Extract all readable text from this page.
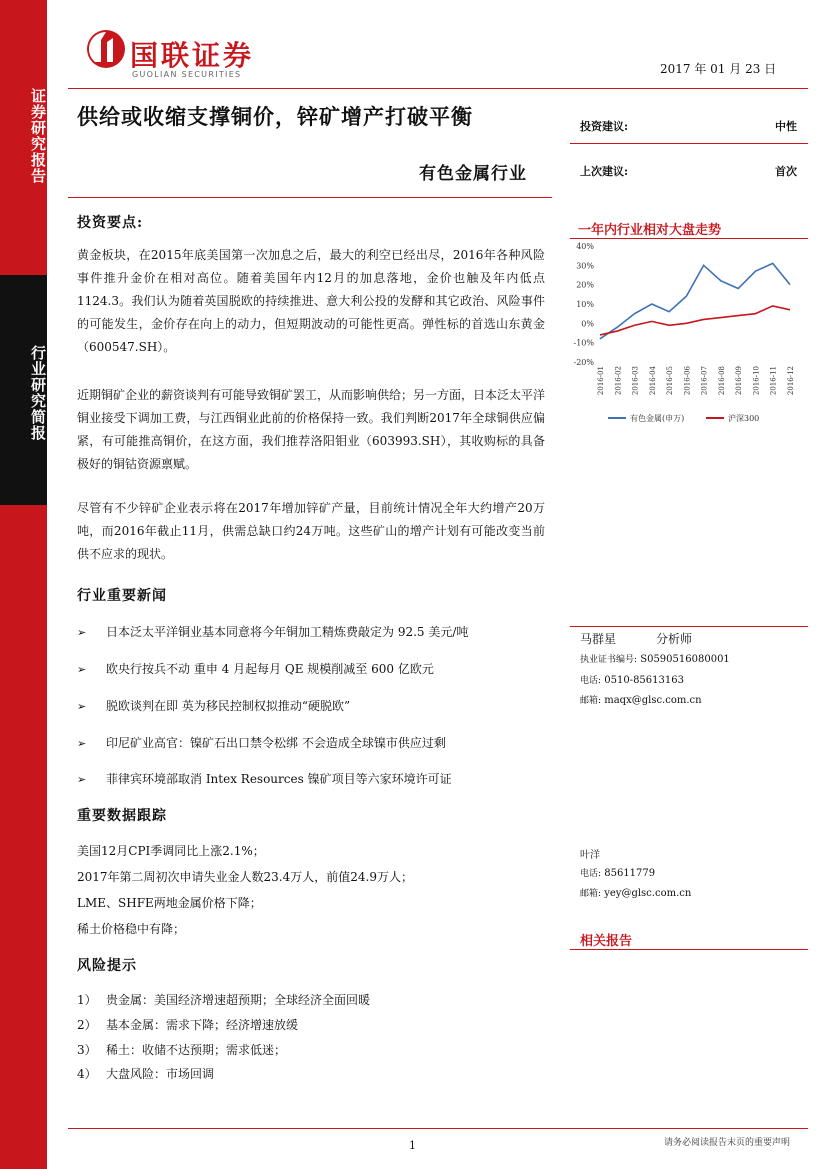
证券研究报告
行业研究简报
国联证券
GUOLIAN SECURITIES	2017 年 01 月 23 日
供给或收缩支撑铜价，锌矿增产打破平衡
有色金属行业
投资建议:	中性
上次建议:	首次
投资要点:

黄金板块，在2015年底美国第一次加息之后，最大的利空已经出尽，2016年各种风险事件推升金价在相对高位。随着美国年内12月的加息落地，金价也触及年内低点1124.3。我们认为随着英国脱欧的持续推进、意大利公投的发酵和其它政治、风险事件的可能发生，金价存在向上的动力，但短期波动的可能性更高。弹性标的首选山东黄金（600547.SH）。

近期铜矿企业的薪资谈判有可能导致铜矿罢工，从而影响供给；另一方面，日本泛太平洋铜业接受下调加工费，与江西铜业此前的价格保持一致。我们判断2017年全球铜供应偏紧，有可能推高铜价，在这方面，我们推荐洛阳钼业（603993.SH），其收购标的具备极好的铜钴资源禀赋。

尽管有不少锌矿企业表示将在2017年增加锌矿产量，目前统计情况全年大约增产20万吨，而2016年截止11月，供需总缺口约24万吨。这些矿山的增产计划有可能改变当前供不应求的现状。

行业重要新闻
➢ 日本泛太平洋铜业基本同意将今年铜加工精炼费敲定为 92.5 美元/吨
➢ 欧央行按兵不动 重申 4 月起每月 QE 规模削减至 600 亿欧元
➢ 脱欧谈判在即 英为移民控制权拟推动“硬脱欧”
➢ 印尼矿业高官：镍矿石出口禁令松绑 不会造成全球镍市供应过剩
➢ 菲律宾环境部取消 Intex Resources 镍矿项目等六家环境许可证
重要数据跟踪
美国12月CPI季调同比上涨2.1%；
2017年第二周初次申请失业金人数23.4万人，前值24.9万人；
LME、SHFE两地金属价格下降；
稀土价格稳中有降；
风险提示
1） 贵金属：美国经济增速超预期；全球经济全面回暖
2） 基本金属：需求下降；经济增速放缓
3） 稀土：收储不达预期；需求低迷；
4） 大盘风险：市场回调
一年内行业相对大盘走势
40%
30%
20%
10%
0%
-10%
-20%
2016-01 2016-02 2016-03 2016-04 2016-05 2016-06 2016-07 2016-08 2016-09 2016-10 2016-11 2016-12
有色金属(申万)	沪深300
马群星	分析师
执业证书编号: S0590516080001
电话: 0510-85613163
邮箱: maqx@glsc.com.cn
叶洋
电话: 85611779
邮箱: yey@glsc.com.cn
相关报告
1	请务必阅读报告末页的重要声明
